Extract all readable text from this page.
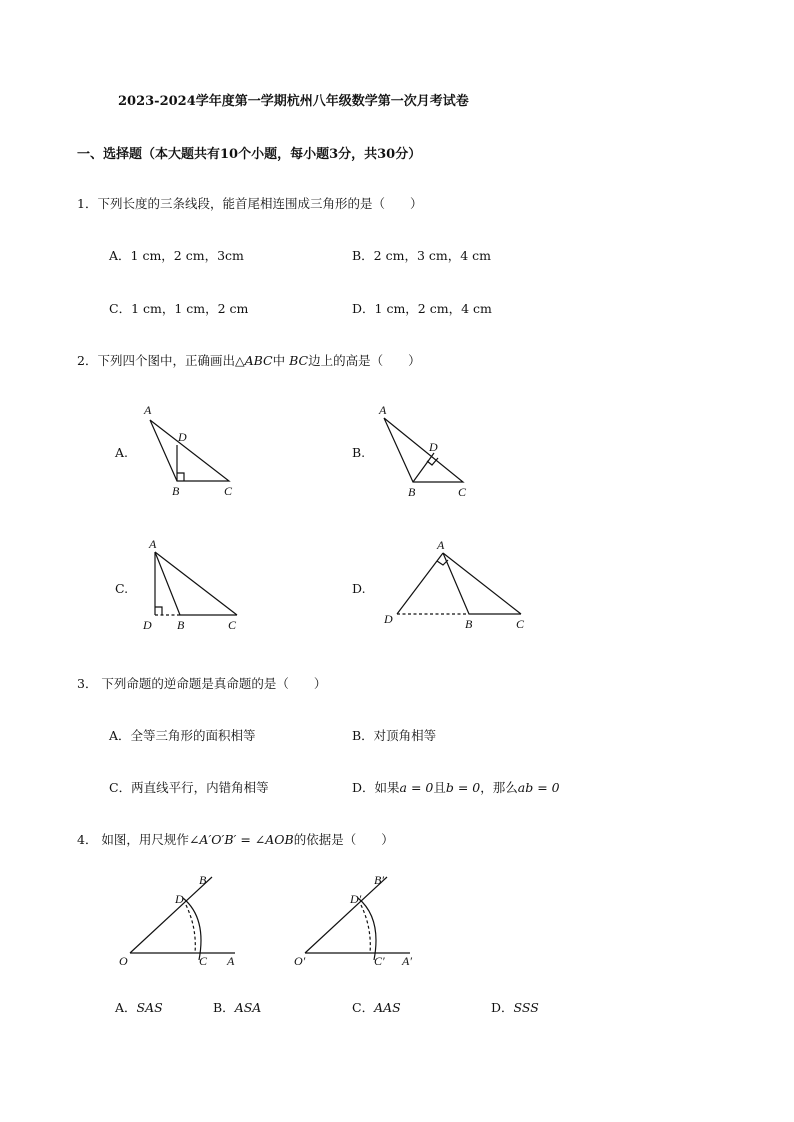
2023-2024学年度第一学期杭州八年级数学第一次月考试卷
一、选择题（本大题共有10个小题，每小题3分，共30分）
1．下列长度的三条线段，能首尾相连围成三角形的是（　　）
A．1 cm，2 cm，3cm	B．2 cm，3 cm，4 cm
C．1 cm，1 cm，2 cm	D．1 cm，2 cm，4 cm
2．下列四个图中，正确画出△ABC中 BC边上的高是（　　）
A.	B.
C.	D.
A
D
B	C
A
D
B	C
A
D B	C
A
D	B	C
3． 下列命题的逆命题是真命题的是（　　）
A．全等三角形的面积相等	B．对顶角相等
C．两直线平行，内错角相等	D．如果a = 0且b = 0，那么ab = 0
4． 如图，用尺规作∠A′O′B′ = ∠AOB的依据是（　　）
O	C A
D
B
O′	C′ A′
D′
B′
A．SAS	B．ASA	C．AAS	D．SSS
